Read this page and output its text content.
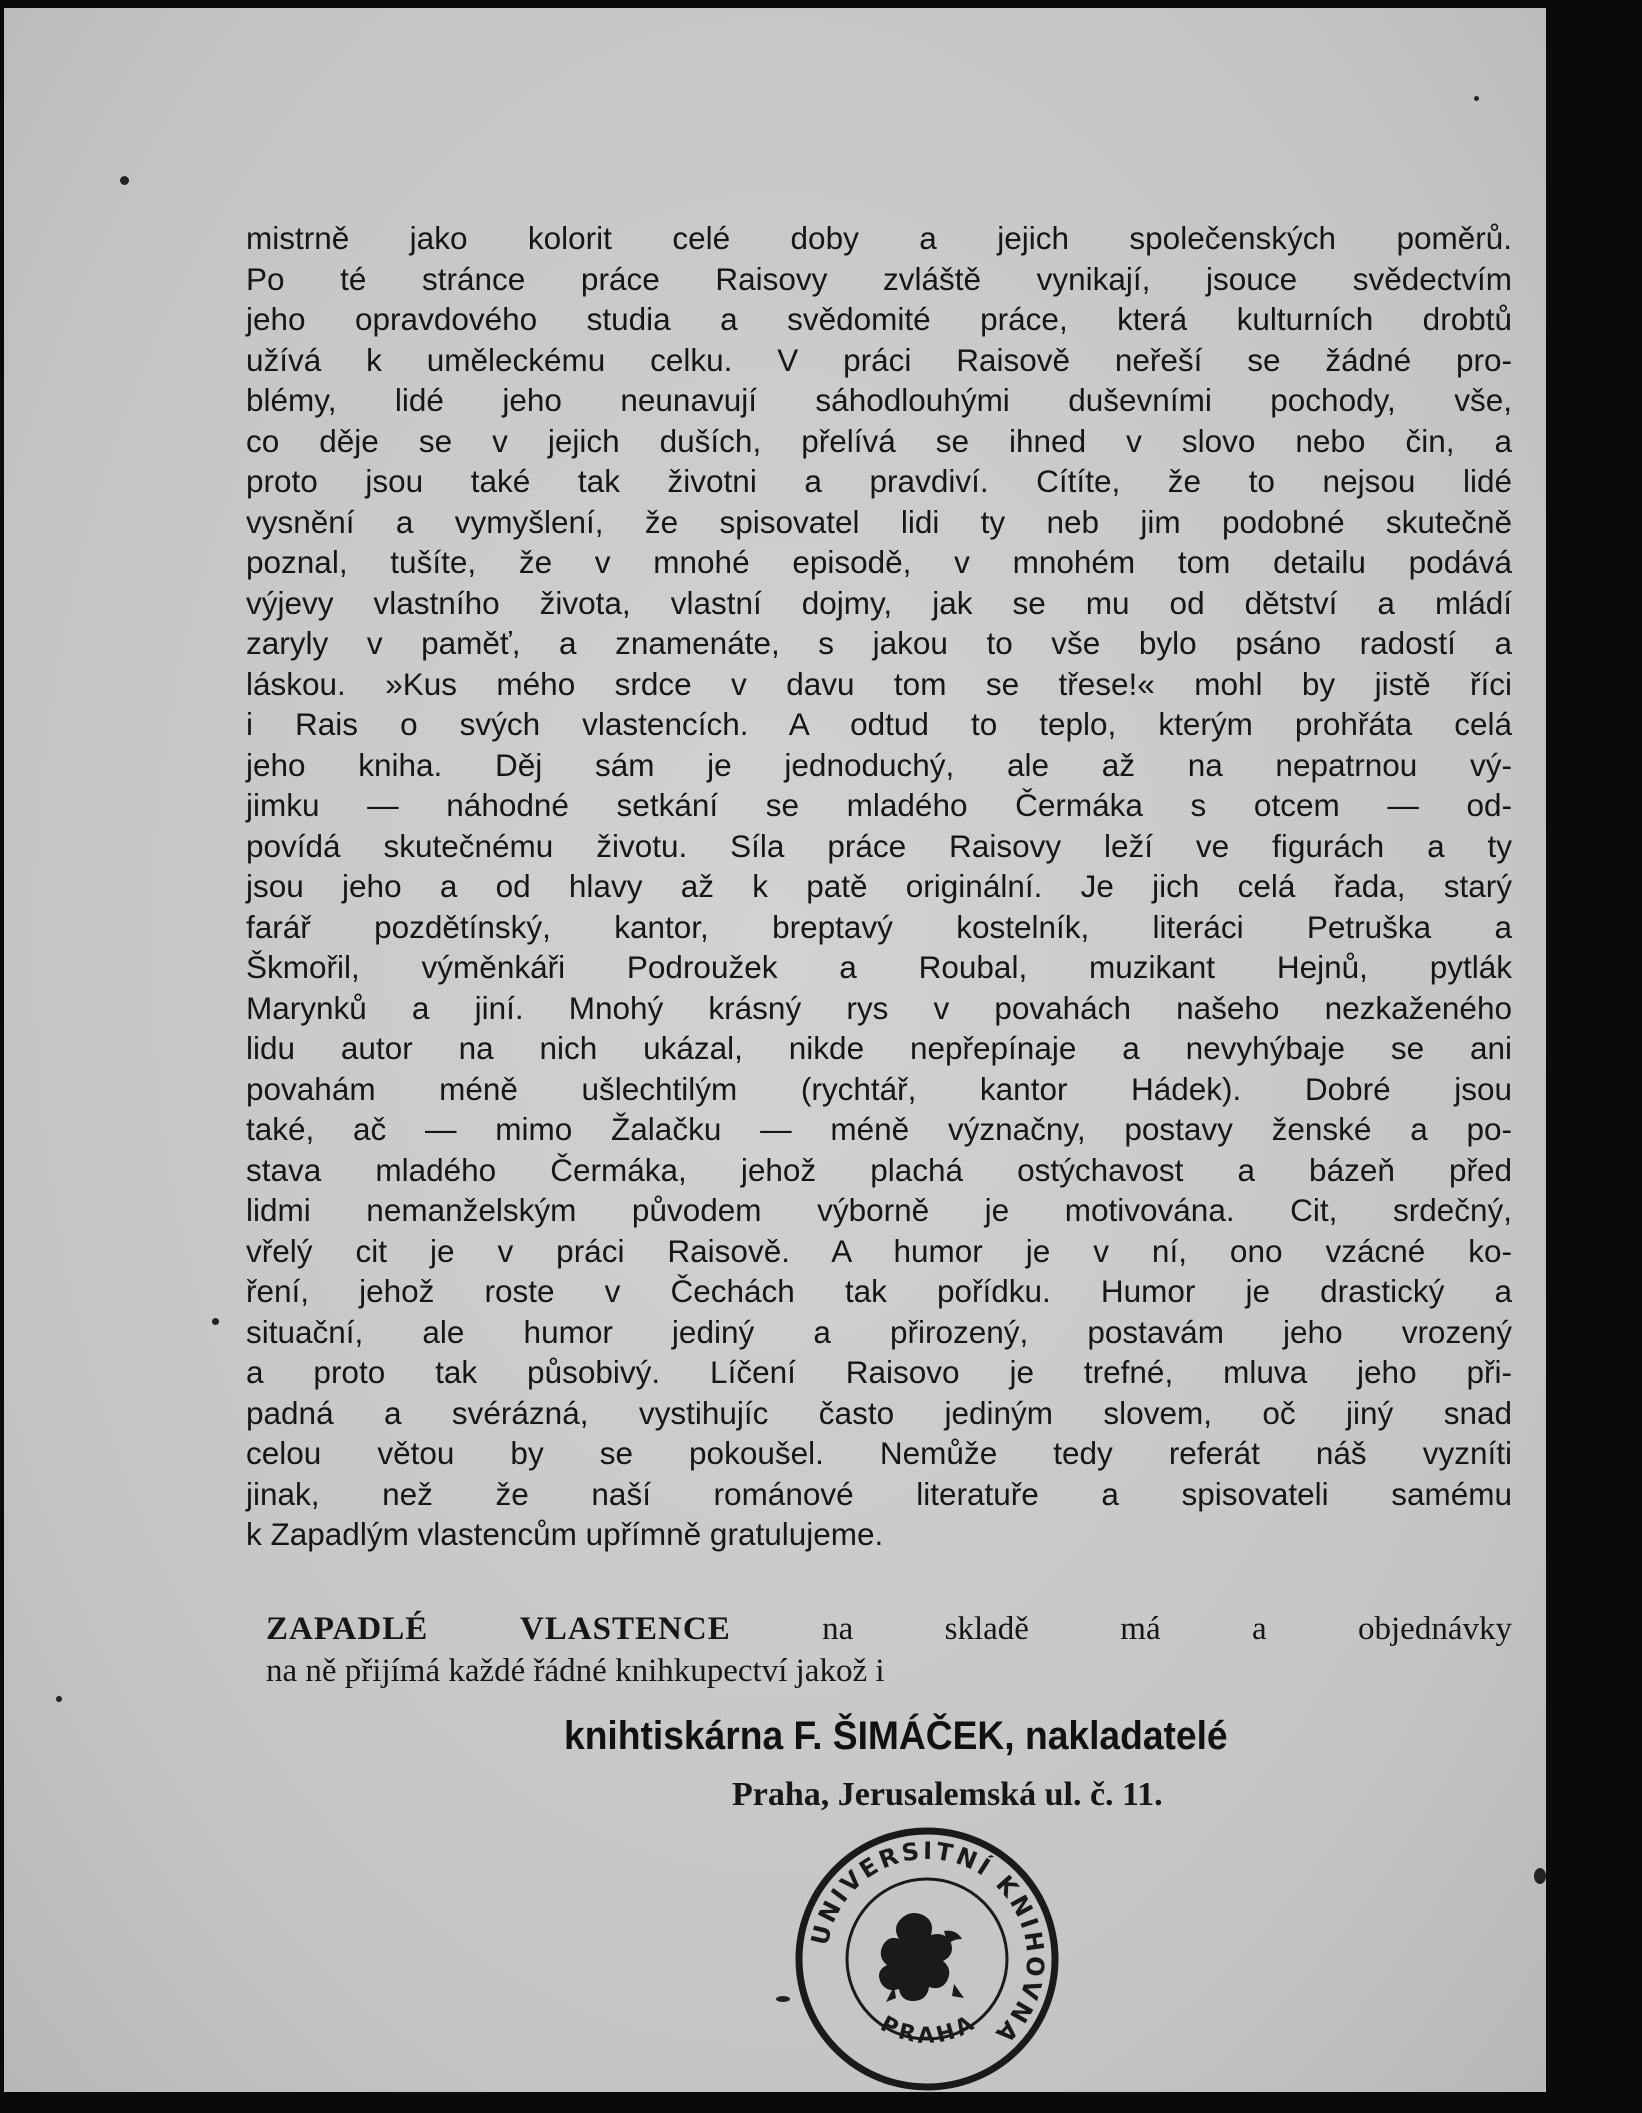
mistrně jako kolorit celé doby a jejich společenských poměrů.
Po té stránce práce Raisovy zvláště vynikají, jsouce svědectvím
jeho opravdového studia a svědomité práce, která kulturních drobtů
užívá k uměleckému celku. V práci Raisově neřeší se žádné pro-
blémy, lidé jeho neunavují sáhodlouhými duševními pochody, vše,
co děje se v jejich duších, přelívá se ihned v slovo nebo čin, a
proto jsou také tak životni a pravdiví. Cítíte, že to nejsou lidé
vysnění a vymyšlení, že spisovatel lidi ty neb jim podobné skutečně
poznal, tušíte, že v mnohé episodě, v mnohém tom detailu podává
výjevy vlastního života, vlastní dojmy, jak se mu od dětství a mládí
zaryly v paměť, a znamenáte, s jakou to vše bylo psáno radostí a
láskou. »Kus mého srdce v davu tom se třese!« mohl by jistě říci
i Rais o svých vlastencích. A odtud to teplo, kterým prohřáta celá
jeho kniha. Děj sám je jednoduchý, ale až na nepatrnou vý-
jimku — náhodné setkání se mladého Čermáka s otcem — od-
povídá skutečnému životu. Síla práce Raisovy leží ve figurách a ty
jsou jeho a od hlavy až k patě originální. Je jich celá řada, starý
farář pozdětínský, kantor, breptavý kostelník, literáci Petruška a
Škmořil, výměnkáři Podroužek a Roubal, muzikant Hejnů, pytlák
Marynků a jiní. Mnohý krásný rys v povahách našeho nezkaženého
lidu autor na nich ukázal, nikde nepřepínaje a nevyhýbaje se ani
povahám méně ušlechtilým (rychtář, kantor Hádek). Dobré jsou
také, ač — mimo Žalačku — méně význačny, postavy ženské a po-
stava mladého Čermáka, jehož plachá ostýchavost a bázeň před
lidmi nemanželským původem výborně je motivována. Cit, srdečný,
vřelý cit je v práci Raisově. A humor je v ní, ono vzácné ko-
ření, jehož roste v Čechách tak pořídku. Humor je drastický a
situační, ale humor jediný a přirozený, postavám jeho vrozený
a proto tak působivý. Líčení Raisovo je trefné, mluva jeho při-
padná a svérázná, vystihujíc často jediným slovem, oč jiný snad
celou větou by se pokoušel. Nemůže tedy referát náš vyzníti
jinak, než že naší románové literatuře a spisovateli samému
k Zapadlým vlastencům upřímně gratulujeme.
ZAPADLÉ VLASTENCE na skladě má a objednávky
na ně přijímá každé řádné knihkupectví jakož i
knihtiskárna F. ŠIMÁČEK, nakladatelé
Praha, Jerusalemská ul. č. 11.
UNIVERSITNÍ KNIHOVNA
PRAHA
